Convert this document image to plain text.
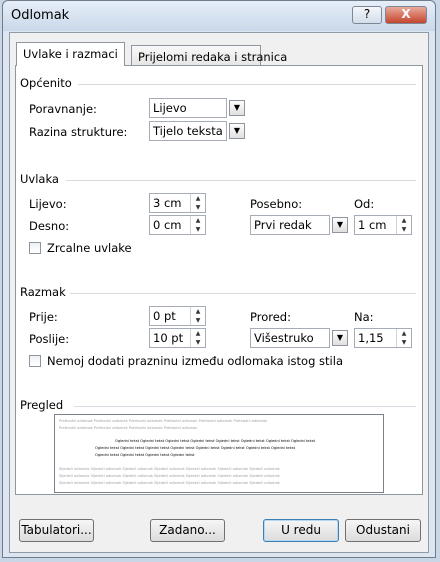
Odlomak	?	X
Uvlake i razmaci	Prijelomi redaka i stranica
Općenito
Poravnanje:	Lijevo	▼
Razina strukture:	Tijelo teksta	▼
Uvlaka
Lijevo:	3 cm	▲
▼
Desno:	0 cm	▲
▼
Posebno:
Prvi redak	▼
Od:
1 cm	▲
▼
Zrcalne uvlake
Razmak
Prije:	0 pt	▲
▼
Poslije:	10 pt	▲
▼
Prored:
Višestruko	▼
Na:
1,15	▲
▼
Nemoj dodati prazninu između odlomaka istog stila
Pregled
Prethodni odlomak Prethodni odlomak Prethodni odlomak Prethodni odlomak Prethodni odlomak Prethodni odlomak
Prethodni odlomak Prethodni odlomak Prethodni odlomak Prethodni odlomak
Ogledni tekst Ogledni tekst Ogledni tekst Ogledni tekst Ogledni tekst Ogledni tekst Ogledni tekst Ogledni tekst
Ogledni tekst Ogledni tekst Ogledni tekst Ogledni tekst Ogledni tekst Ogledni tekst Ogledni tekst Ogledni tekst
Ogledni tekst Ogledni tekst Ogledni tekst Ogledni tekst
Sljedeći odlomak Sljedeći odlomak Sljedeći odlomak Sljedeći odlomak Sljedeći odlomak Sljedeći odlomak Sljedeći odlomak
Sljedeći odlomak Sljedeći odlomak Sljedeći odlomak Sljedeći odlomak Sljedeći odlomak Sljedeći odlomak Sljedeći odlomak
Sljedeći odlomak Sljedeći odlomak Sljedeći odlomak Sljedeći odlomak Sljedeći odlomak Sljedeći odlomak Sljedeći odlomak
Tabulatori...	Zadano...	U redu	Odustani
